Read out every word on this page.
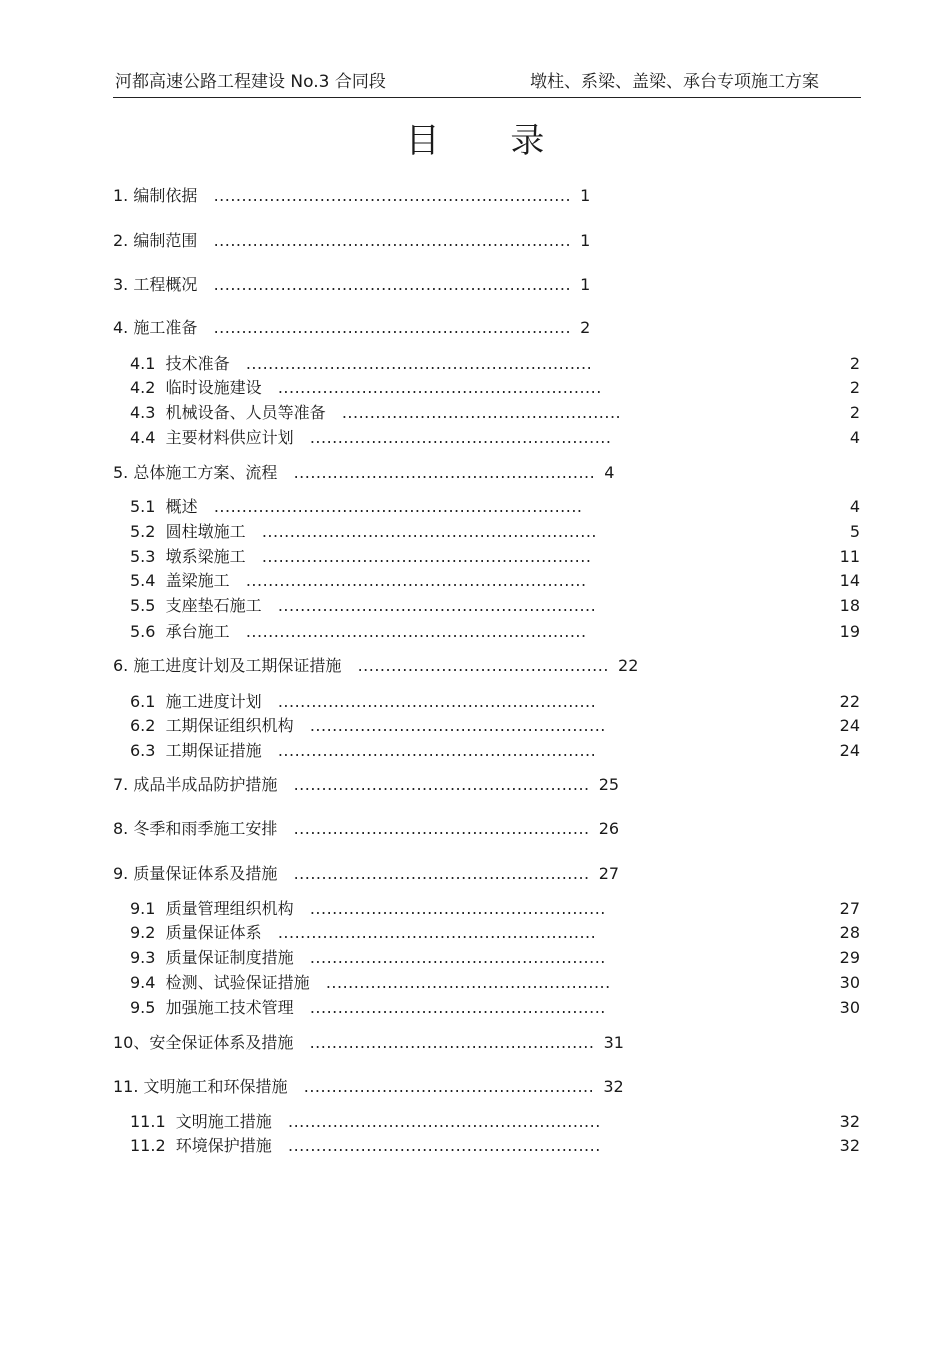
河都高速公路工程建设 No.3 合同段	墩柱、系梁、盖梁、承台专项施工方案
目 录
1. 编制依据 ................................................................ 1
2. 编制范围 ................................................................ 1
3. 工程概况 ................................................................ 1
4. 施工准备 ................................................................ 2
4.1 技术准备 ..............................................................	2
4.2 临时设施建设 ..........................................................	2
4.3 机械设备、人员等准备 ..................................................	2
4.4 主要材料供应计划 ......................................................	4
5. 总体施工方案、流程 ...................................................... 4
5.1 概述 ..................................................................	4
5.2 圆柱墩施工 ............................................................	5
5.3 墩系梁施工 ...........................................................	11
5.4 盖梁施工 .............................................................	14
5.5 支座垫石施工 .........................................................	18
5.6 承台施工 .............................................................	19
6. 施工进度计划及工期保证措施 ............................................. 22
6.1 施工进度计划 .........................................................	22
6.2 工期保证组织机构 .....................................................	24
6.3 工期保证措施 .........................................................	24
7. 成品半成品防护措施 ..................................................... 25
8. 冬季和雨季施工安排 ..................................................... 26
9. 质量保证体系及措施 ..................................................... 27
9.1 质量管理组织机构 .....................................................	27
9.2 质量保证体系 .........................................................	28
9.3 质量保证制度措施 .....................................................	29
9.4 检测、试验保证措施 ...................................................	30
9.5 加强施工技术管理 .....................................................	30
10、安全保证体系及措施 ................................................... 31
11. 文明施工和环保措施 .................................................... 32
11.1 文明施工措施 ........................................................	32
11.2 环境保护措施 ........................................................	32
